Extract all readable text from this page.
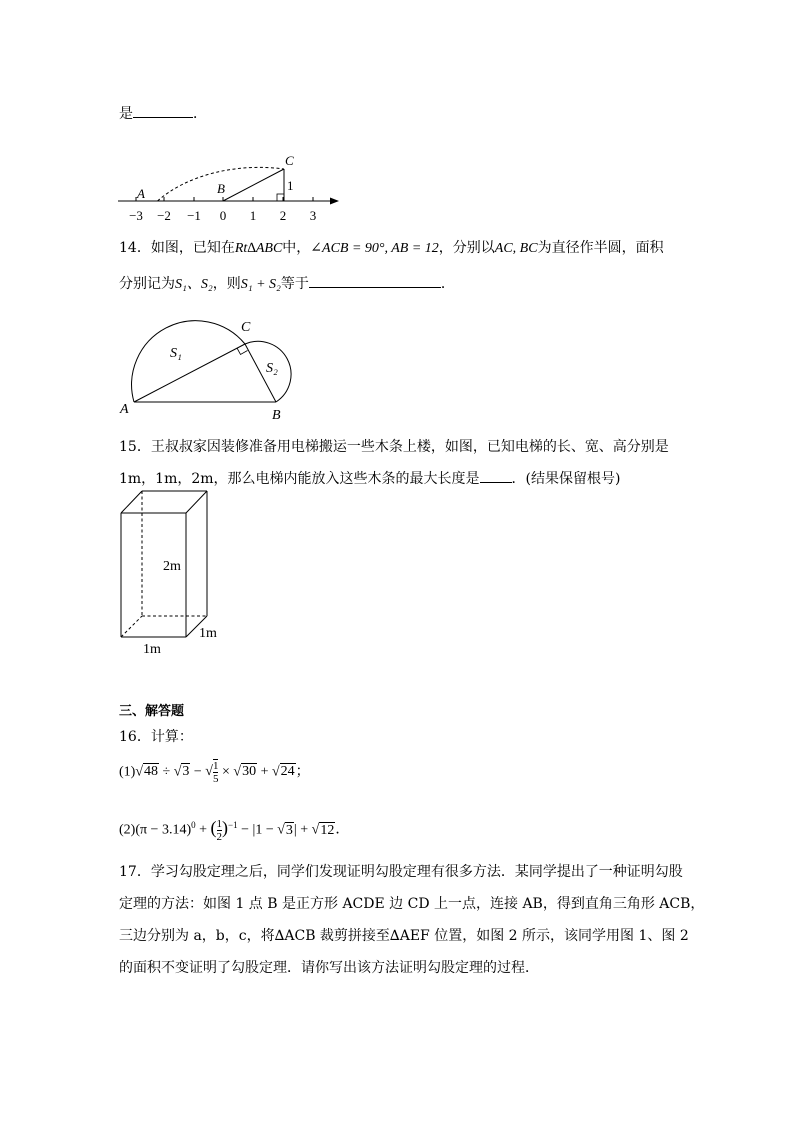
是	．
A	B
C
1
−3 −2 −1 0 1 2 3
14．如图，已知在Rt∆ABC中，∠ACB = 90°, AB = 12，分别以AC, BC为直径作半圆，面积
分别记为S₁、S₂，则S₁ + S₂等于	．
S₁
S₂
A	B
C
15．王叔叔家因装修准备用电梯搬运一些木条上楼，如图，已知电梯的长、宽、高分别是
1m，1m，2m，那么电梯内能放入这些木条的最大长度是 ．(结果保留根号)
2m
1m
1m
三、解答题
16．计算：
(1)√48 ÷ √3 − √ $\frac{1}{5} \times √30 + √24$；
$(2)(\pi - 3.14)^0$ + ( $\frac{1}{2} )^{-1} - |1 - √3| + √12$．
17．学习勾股定理之后，同学们发现证明勾股定理有很多方法．某同学提出了一种证明勾股
定理的方法：如图 1 点 B 是正方形 ACDE 边 CD 上一点，连接 AB，得到直角三角形 ACB，
三边分别为 a，b，c，将∆ACB 裁剪拼接至∆AEF 位置，如图 2 所示，该同学用图 1、图 2
的面积不变证明了勾股定理．请你写出该方法证明勾股定理的过程．
